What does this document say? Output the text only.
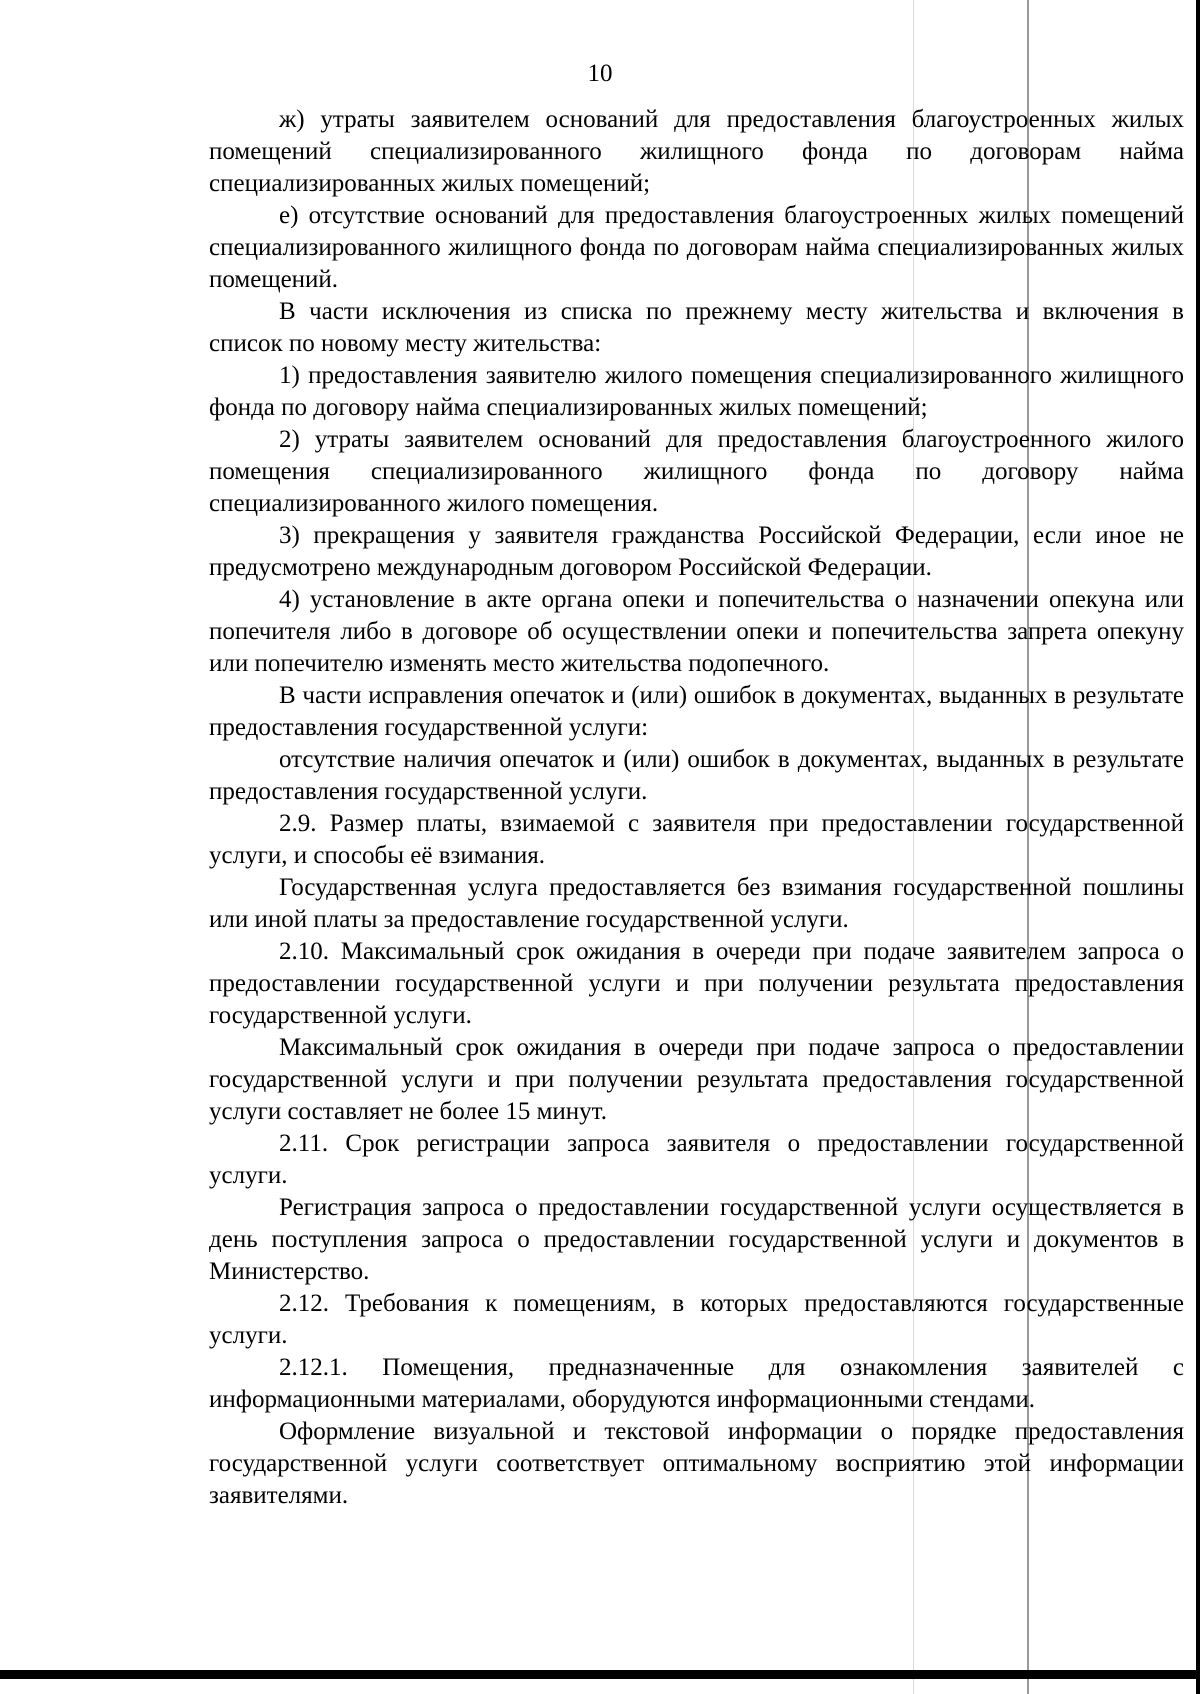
10

ж) утраты заявителем оснований для предоставления благоустроенных жилых помещений специализированного жилищного фонда по договорам найма специализированных жилых помещений;

е) отсутствие оснований для предоставления благоустроенных жилых помещений специализированного жилищного фонда по договорам найма специализированных жилых помещений.

В части исключения из списка по прежнему месту жительства и включения в список по новому месту жительства:

1) предоставления заявителю жилого помещения специализированного жилищного фонда по договору найма специализированных жилых помещений;

2) утраты заявителем оснований для предоставления благоустроенного жилого помещения специализированного жилищного фонда по договору найма специализированного жилого помещения.

3) прекращения у заявителя гражданства Российской Федерации, если иное не предусмотрено международным договором Российской Федерации.

4) установление в акте органа опеки и попечительства о назначении опекуна или попечителя либо в договоре об осуществлении опеки и попечительства запрета опекуну или попечителю изменять место жительства подопечного.

В части исправления опечаток и (или) ошибок в документах, выданных в результате предоставления государственной услуги:

отсутствие наличия опечаток и (или) ошибок в документах, выданных в результате предоставления государственной услуги.

2.9. Размер платы, взимаемой с заявителя при предоставлении государственной услуги, и способы её взимания.

Государственная услуга предоставляется без взимания государственной пошлины или иной платы за предоставление государственной услуги.

2.10. Максимальный срок ожидания в очереди при подаче заявителем запроса о предоставлении государственной услуги и при получении результата предоставления государственной услуги.

Максимальный срок ожидания в очереди при подаче запроса о предоставлении государственной услуги и при получении результата предоставления государственной услуги составляет не более 15 минут.

2.11. Срок регистрации запроса заявителя о предоставлении государственной услуги.

Регистрация запроса о предоставлении государственной услуги осуществляется в день поступления запроса о предоставлении государственной услуги и документов в Министерство.

2.12. Требования к помещениям, в которых предоставляются государственные услуги.

2.12.1. Помещения, предназначенные для ознакомления заявителей с информационными материалами, оборудуются информационными стендами.

Оформление визуальной и текстовой информации о порядке предоставления государственной услуги соответствует оптимальному восприятию этой информации заявителями.
